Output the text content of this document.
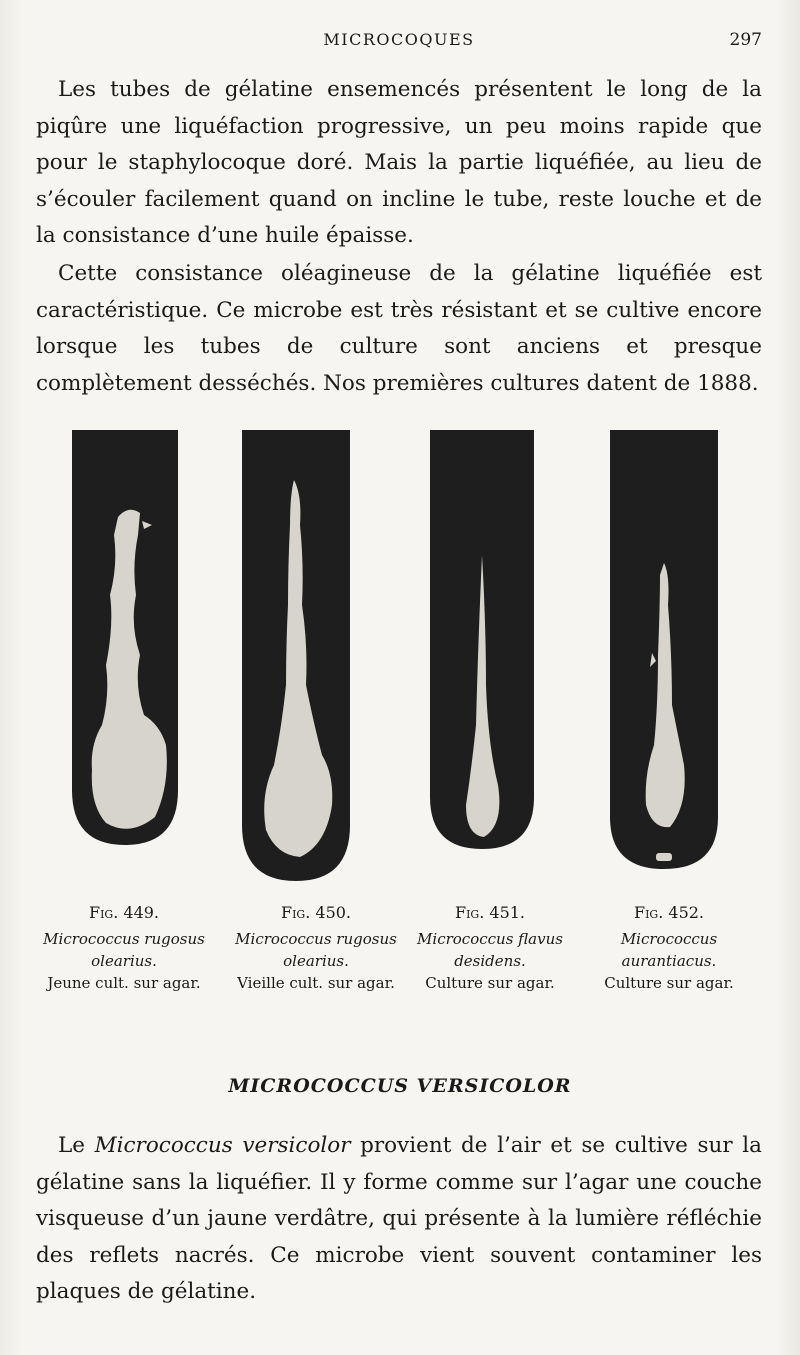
MICROCOQUES	297

Les tubes de gélatine ensemencés présentent le long de la piqûre une liquéfaction progressive, un peu moins rapide que pour le staphylocoque doré. Mais la partie liquéfiée, au lieu de s’écouler facilement quand on incline le tube, reste louche et de la consistance d’une huile épaisse.

Cette consistance oléagineuse de la gélatine liquéfiée est caractéristique. Ce microbe est très résistant et se cultive encore lorsque les tubes de culture sont anciens et presque complètement desséchés. Nos premières cultures datent de 1888.

Fig. 449.
Micrococcus rugosus olearius.
Jeune cult. sur agar.
Fig. 450.
Micrococcus rugosus olearius.
Vieille cult. sur agar.
Fig. 451.
Micrococcus flavus desidens.
Culture sur agar.
Fig. 452.
Micrococcus aurantiacus.
Culture sur agar.
MICROCOCCUS VERSICOLOR

Le Micrococcus versicolor provient de l’air et se cultive sur la gélatine sans la liquéfier. Il y forme comme sur l’agar une couche visqueuse d’un jaune verdâtre, qui présente à la lumière réfléchie des reflets nacrés. Ce microbe vient souvent contaminer les plaques de gélatine.
